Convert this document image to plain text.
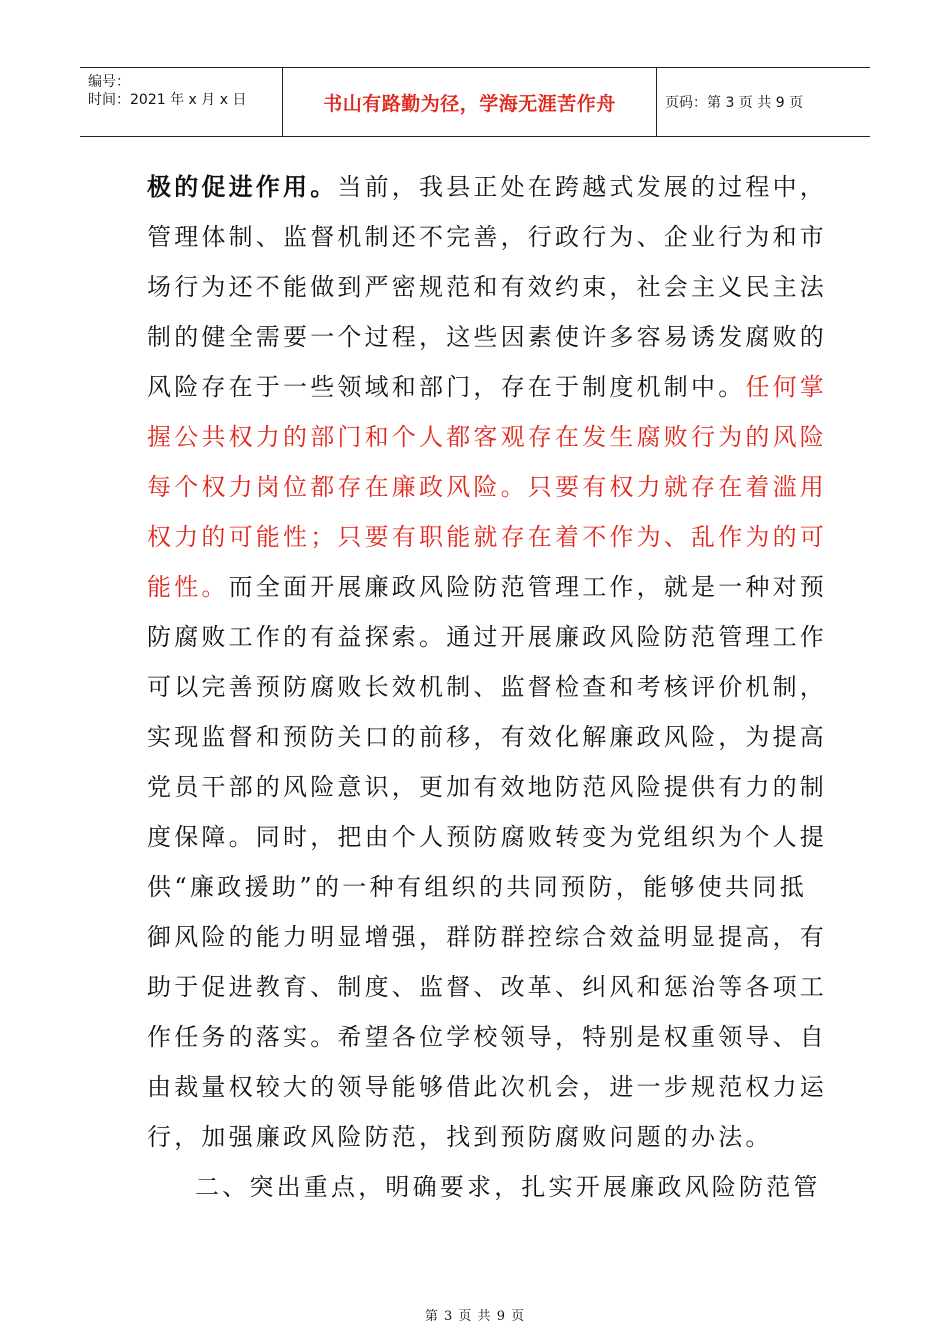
编号：
时间：2021 年 x 月 x 日	书山有路勤为径，学海无涯苦作舟	页码：第 3 页 共 9 页

极的促进作用。当前，我县正处在跨越式发展的过程中，

管理体制、监督机制还不完善，行政行为、企业行为和市

场行为还不能做到严密规范和有效约束，社会主义民主法

制的健全需要一个过程，这些因素使许多容易诱发腐败的

风险存在于一些领域和部门，存在于制度机制中。任何掌

握公共权力的部门和个人都客观存在发生腐败行为的风险

每个权力岗位都存在廉政风险。只要有权力就存在着滥用

权力的可能性；只要有职能就存在着不作为、乱作为的可

能性。而全面开展廉政风险防范管理工作，就是一种对预

防腐败工作的有益探索。通过开展廉政风险防范管理工作

可以完善预防腐败长效机制、监督检查和考核评价机制，

实现监督和预防关口的前移，有效化解廉政风险，为提高

党员干部的风险意识，更加有效地防范风险提供有力的制

度保障。同时，把由个人预防腐败转变为党组织为个人提

供“廉政援助”的一种有组织的共同预防，能够使共同抵

御风险的能力明显增强，群防群控综合效益明显提高，有

助于促进教育、制度、监督、改革、纠风和惩治等各项工

作任务的落实。希望各位学校领导，特别是权重领导、自

由裁量权较大的领导能够借此次机会，进一步规范权力运

行，加强廉政风险防范，找到预防腐败问题的办法。

二、突出重点，明确要求，扎实开展廉政风险防范管

第 3 页 共 9 页
